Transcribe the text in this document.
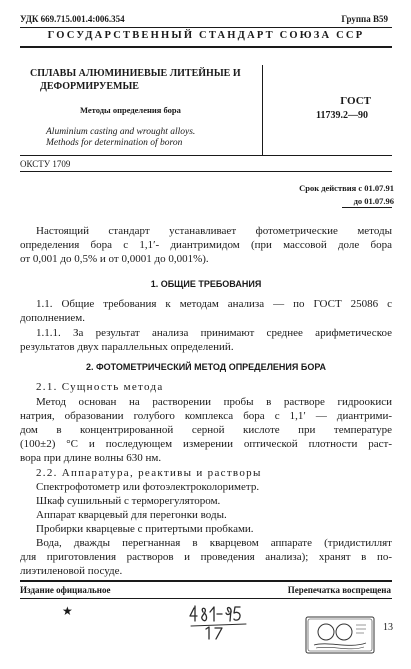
УДК 669.715.001.4:006.354	Группа В59
ГОСУДАРСТВЕННЫЙ СТАНДАРТ СОЮЗА ССР
СПЛАВЫ АЛЮМИНИЕВЫЕ ЛИТЕЙНЫЕ И
ДЕФОРМИРУЕМЫЕ
Методы определения бора
ГОСТ
11739.2—90
Aluminium casting and wrought alloys.
Methods for determination of boron
ОКСТУ 1709
Срок действия с 01.07.91
до 01.07.96
Настоящий стандарт устанавливает фотометрические методы
определения бора с 1,1′- диантримидом (при массовой доле бора
от 0,001 до 0,5% и от 0,0001 до 0,001%).
1. ОБЩИЕ ТРЕБОВАНИЯ
1.1. Общие требования к методам анализа — по ГОСТ 25086 с
дополнением.
1.1.1. За результат анализа принимают среднее арифметическое
результатов двух параллельных определений.
2. ФОТОМЕТРИЧЕСКИЙ МЕТОД ОПРЕДЕЛЕНИЯ БОРА
2.1. Сущность метода
Метод основан на растворении пробы в растворе гидроокиси
натрия, образовании голубого комплекса бора с 1,1′ — диантрими-
дом в концентрированной серной кислоте при температуре
(100±2) °С и последующем измерении оптической плотности раст-
вора при длине волны 630 нм.
2.2. Аппаратура, реактивы и растворы
Спектрофотометр или фотоэлектроколориметр.
Шкаф сушильный с терморегулятором.
Аппарат кварцевый для перегонки воды.
Пробирки кварцевые с притертыми пробками.
Вода, дважды перегнанная в кварцевом аппарате (тридистиллят
для приготовления растворов и проведения анализа); хранят в по-
лиэтиленовой посуде.
Издание официальное	Перепечатка воспрещена
★
13
